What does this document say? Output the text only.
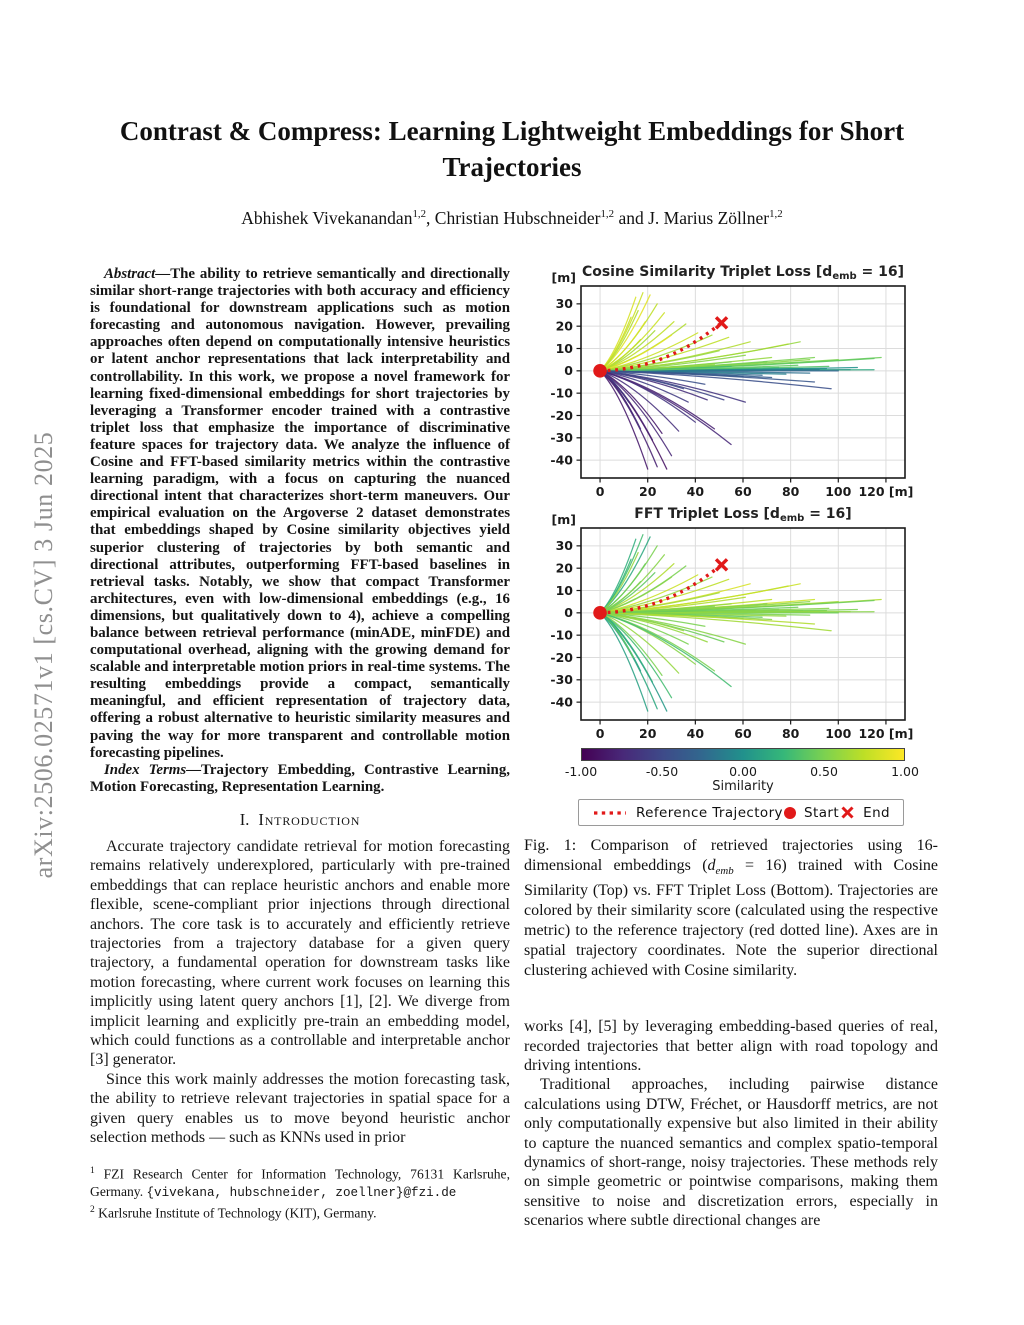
arXiv:2506.02571v1 [cs.CV] 3 Jun 2025
Contrast & Compress: Learning Lightweight Embeddings for Short Trajectories
Abhishek Vivekanandan$^{1,2}$, Christian Hubschneider$^{1,2}$ and J. Marius Zöllner$^{1,2}$

Abstract—The ability to retrieve semantically and directionally similar short-range trajectories with both accuracy and efficiency is foundational for downstream applications such as motion forecasting and autonomous navigation. However, prevailing approaches often depend on computationally intensive heuristics or latent anchor representations that lack interpretability and controllability. In this work, we propose a novel framework for learning fixed-dimensional embeddings for short trajectories by leveraging a Transformer encoder trained with a contrastive triplet loss that emphasize the importance of discriminative feature spaces for trajectory data. We analyze the influence of Cosine and FFT-based similarity metrics within the contrastive learning paradigm, with a focus on capturing the nuanced directional intent that characterizes short-term maneuvers. Our empirical evaluation on the Argoverse 2 dataset demonstrates that embeddings shaped by Cosine similarity objectives yield superior clustering of trajectories by both semantic and directional attributes, outperforming FFT-based baselines in retrieval tasks. Notably, we show that compact Transformer architectures, even with low-dimensional embeddings (e.g., 16 dimensions, but qualitatively down to 4), achieve a compelling balance between retrieval performance (minADE, minFDE) and computational overhead, aligning with the growing demand for scalable and interpretable motion priors in real-time systems. The resulting embeddings provide a compact, semantically meaningful, and efficient representation of trajectory data, offering a robust alternative to heuristic similarity measures and paving the way for more transparent and controllable motion forecasting pipelines.

Index Terms—Trajectory Embedding, Contrastive Learning, Motion Forecasting, Representation Learning.

I. Introduction

Accurate trajectory candidate retrieval for motion forecasting remains relatively underexplored, particularly with pre-trained embeddings that can replace heuristic anchors and enable more flexible, scene-compliant prior injections through directional anchors. The core task is to accurately and efficiently retrieve trajectories from a trajectory database for a given query trajectory, a fundamental operation for downstream tasks like motion forecasting, where current work focuses on learning this implicitly using latent query anchors [1], [2]. We diverge from implicit learning and explicitly pre-train an embedding model, which could functions as a controllable and interpretable anchor [3] generator.

Since this work mainly addresses the motion forecasting task, the ability to retrieve relevant trajectories in spatial space for a given query enables us to move beyond heuristic anchor selection methods — such as KNNs used in prior

$^1$ FZI Research Center for Information Technology, 76131 Karlsruhe, Germany. {vivekana, hubschneider, zoellner}@fzi.de

$^2$ Karlsruhe Institute of Technology (KIT), Germany.

0	20 40 60 80 100 120 [m]
30
20
10
0
-10
-20
-30
-40
[m] Cosine Similarity Triplet Loss $[d_{emb} = 16]$
0	20 40 60 80 100 120 [m]
30
20
10
0
-10
-20
-30
-40
[m]	FFT Triplet Loss $[d_{emb} = 16]$
-1.00	-0.50	0.00	0.50	1.00
Similarity
Reference Trajectory Start End
Fig. 1: Comparison of retrieved trajectories using 16-dimensional embeddings $(d_{emb} = 16)$ trained with Cosine Similarity (Top) vs. FFT Triplet Loss (Bottom). Trajectories are colored by their similarity score (calculated using the respective metric) to the reference trajectory (red dotted line). Axes are in spatial trajectory coordinates. Note the superior directional clustering achieved with Cosine similarity.

works [4], [5] by leveraging embedding-based queries of real, recorded trajectories that better align with road topology and driving intentions.

Traditional approaches, including pairwise distance calculations using DTW, Fréchet, or Hausdorff metrics, are not only computationally expensive but also limited in their ability to capture the nuanced semantics and complex spatio-temporal dynamics of short-range, noisy trajectories. These methods rely on simple geometric or pointwise comparisons, making them sensitive to noise and discretization errors, especially in scenarios where subtle directional changes are
